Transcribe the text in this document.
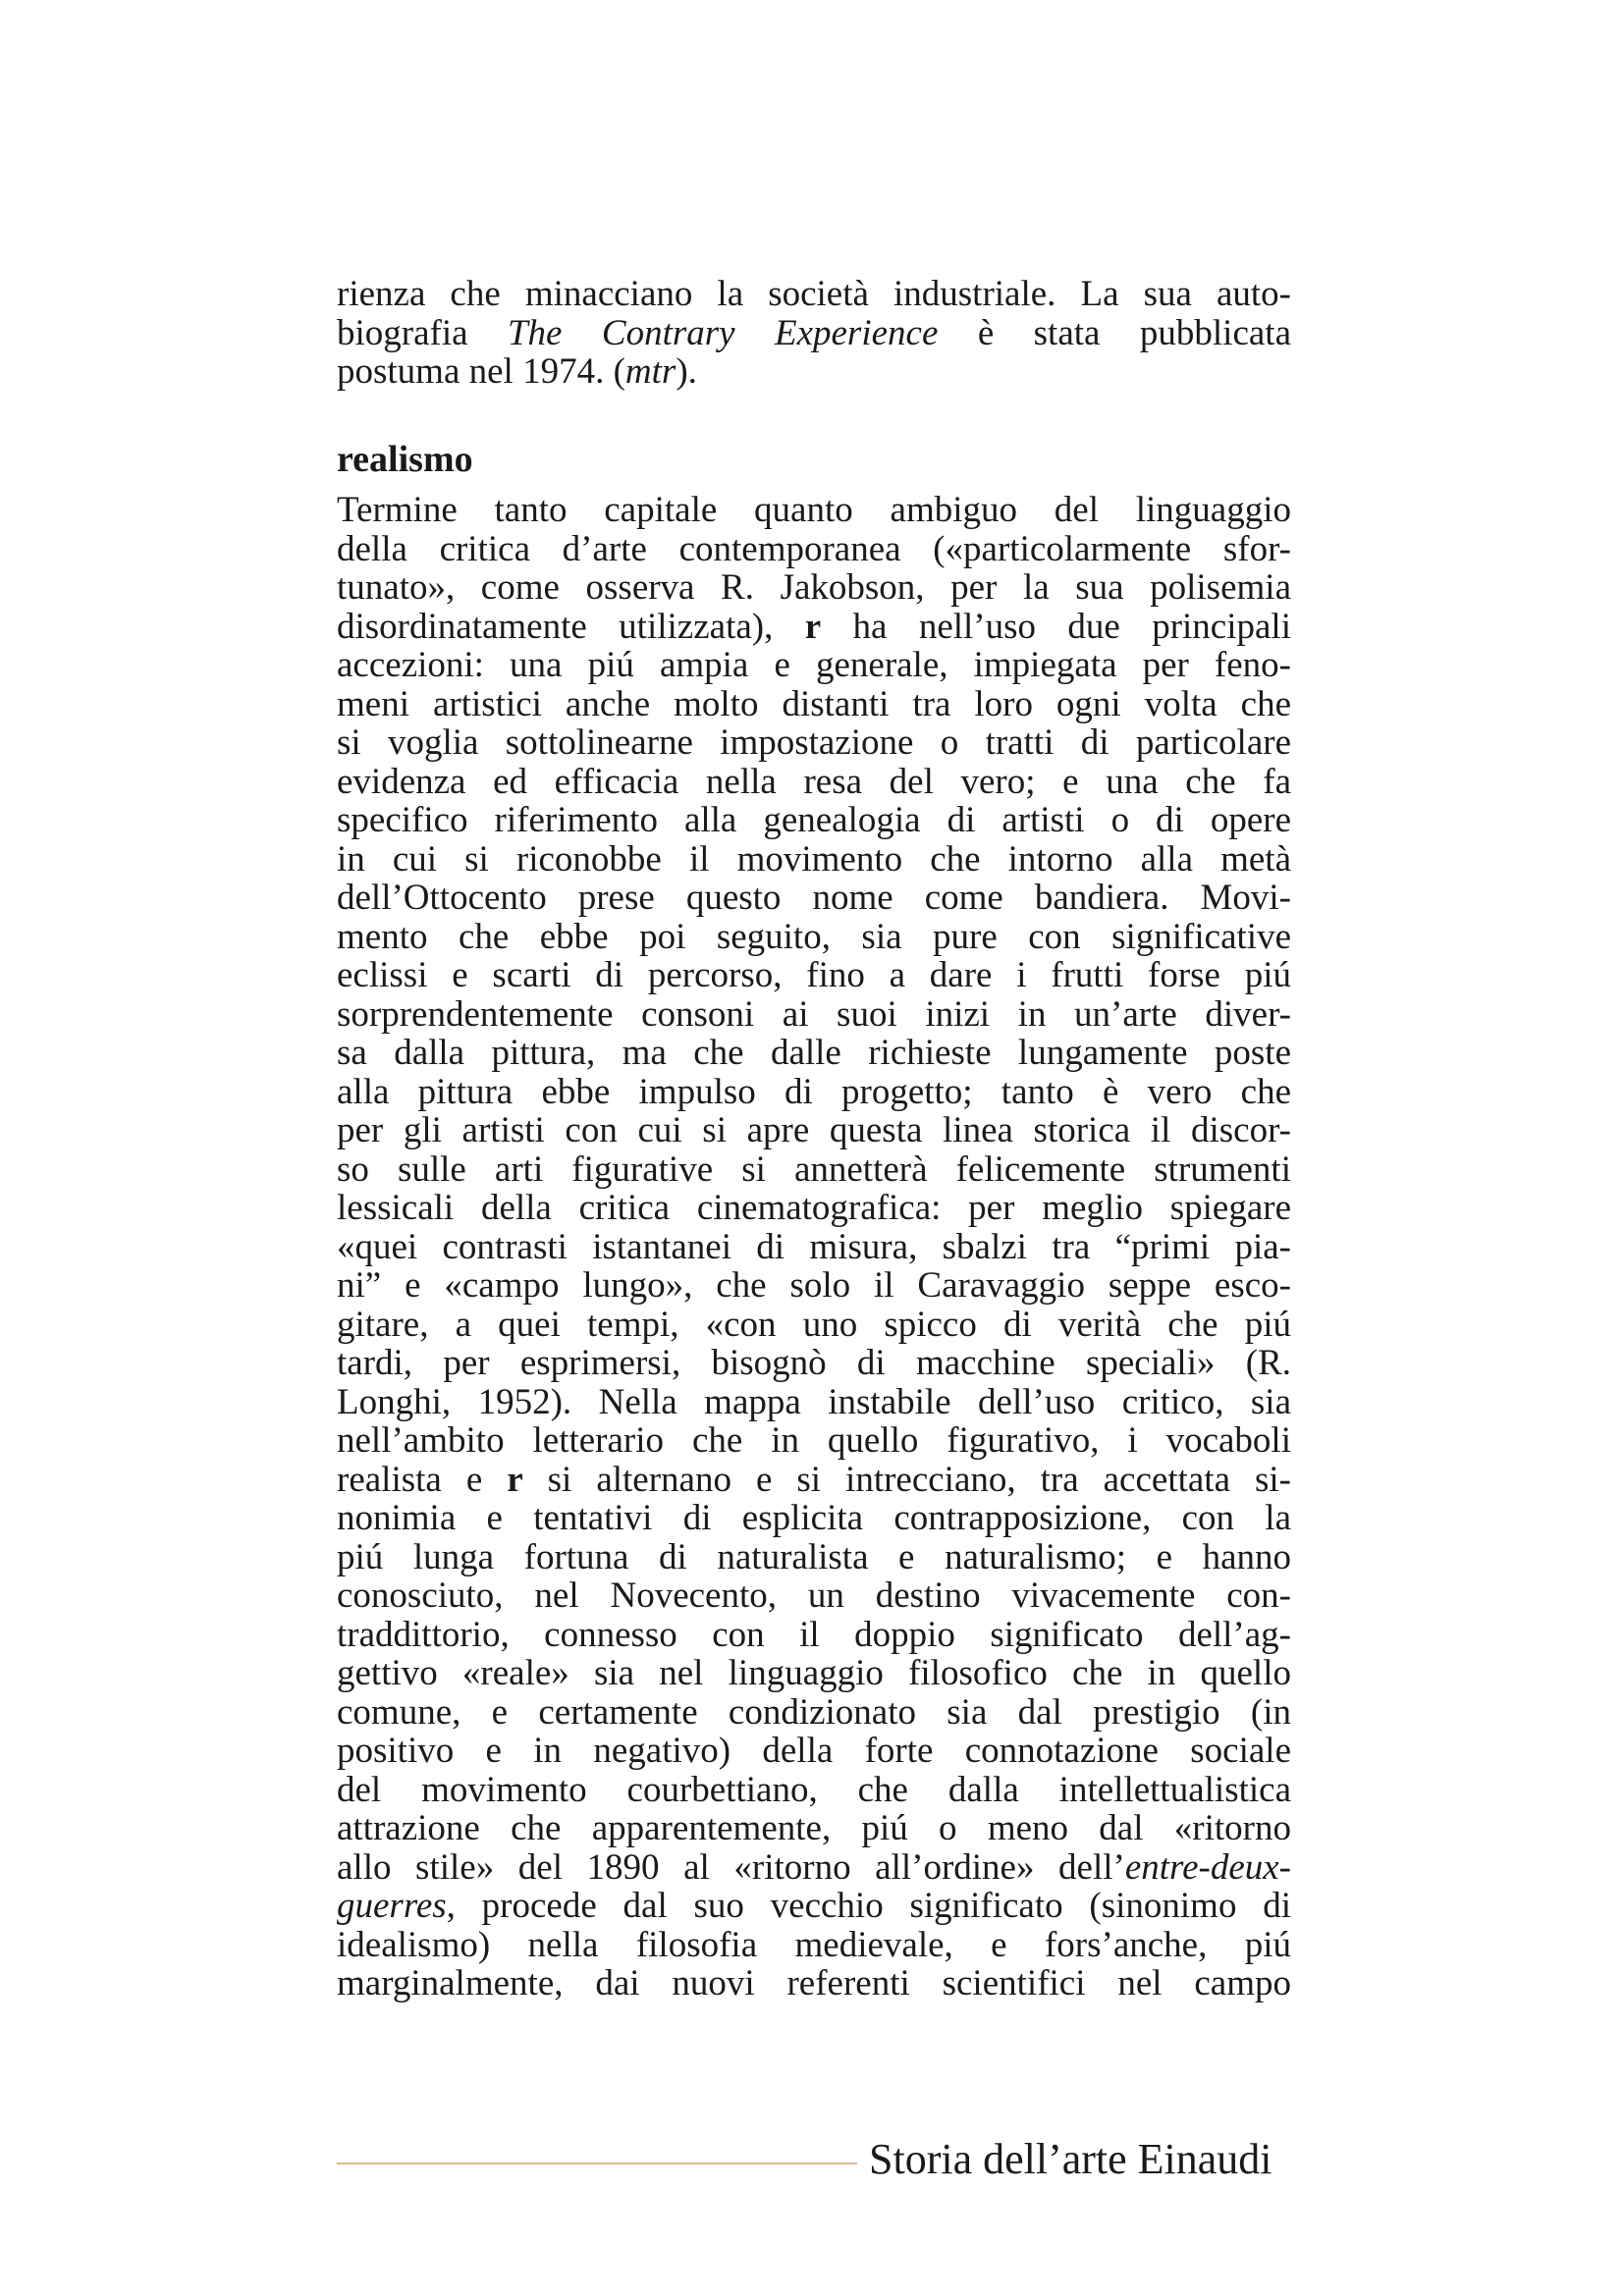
rienza che minacciano la società industriale. La sua auto-
biografia The Contrary Experience è stata pubblicata
postuma nel 1974. (mtr).
realismo
Termine tanto capitale quanto ambiguo del linguaggio
della critica d’arte contemporanea («particolarmente sfor-
tunato», come osserva R. Jakobson, per la sua polisemia
disordinatamente utilizzata), r ha nell’uso due principali
accezioni: una piú ampia e generale, impiegata per feno-
meni artistici anche molto distanti tra loro ogni volta che
si voglia sottolinearne impostazione o tratti di particolare
evidenza ed efficacia nella resa del vero; e una che fa
specifico riferimento alla genealogia di artisti o di opere
in cui si riconobbe il movimento che intorno alla metà
dell’Ottocento prese questo nome come bandiera. Movi-
mento che ebbe poi seguito, sia pure con significative
eclissi e scarti di percorso, fino a dare i frutti forse piú
sorprendentemente consoni ai suoi inizi in un’arte diver-
sa dalla pittura, ma che dalle richieste lungamente poste
alla pittura ebbe impulso di progetto; tanto è vero che
per gli artisti con cui si apre questa linea storica il discor-
so sulle arti figurative si annetterà felicemente strumenti
lessicali della critica cinematografica: per meglio spiegare
«quei contrasti istantanei di misura, sbalzi tra “primi pia-
ni” e «campo lungo», che solo il Caravaggio seppe esco-
gitare, a quei tempi, «con uno spicco di verità che piú
tardi, per esprimersi, bisognò di macchine speciali» (R.
Longhi, 1952). Nella mappa instabile dell’uso critico, sia
nell’ambito letterario che in quello figurativo, i vocaboli
realista e r si alternano e si intrecciano, tra accettata si-
nonimia e tentativi di esplicita contrapposizione, con la
piú lunga fortuna di naturalista e naturalismo; e hanno
conosciuto, nel Novecento, un destino vivacemente con-
traddittorio, connesso con il doppio significato dell’ag-
gettivo «reale» sia nel linguaggio filosofico che in quello
comune, e certamente condizionato sia dal prestigio (in
positivo e in negativo) della forte connotazione sociale
del movimento courbettiano, che dalla intellettualistica
attrazione che apparentemente, piú o meno dal «ritorno
allo stile» del 1890 al «ritorno all’ordine» dell’entre-deux-
guerres, procede dal suo vecchio significato (sinonimo di
idealismo) nella filosofia medievale, e fors’anche, piú
marginalmente, dai nuovi referenti scientifici nel campo
Storia dell’arte Einaudi
